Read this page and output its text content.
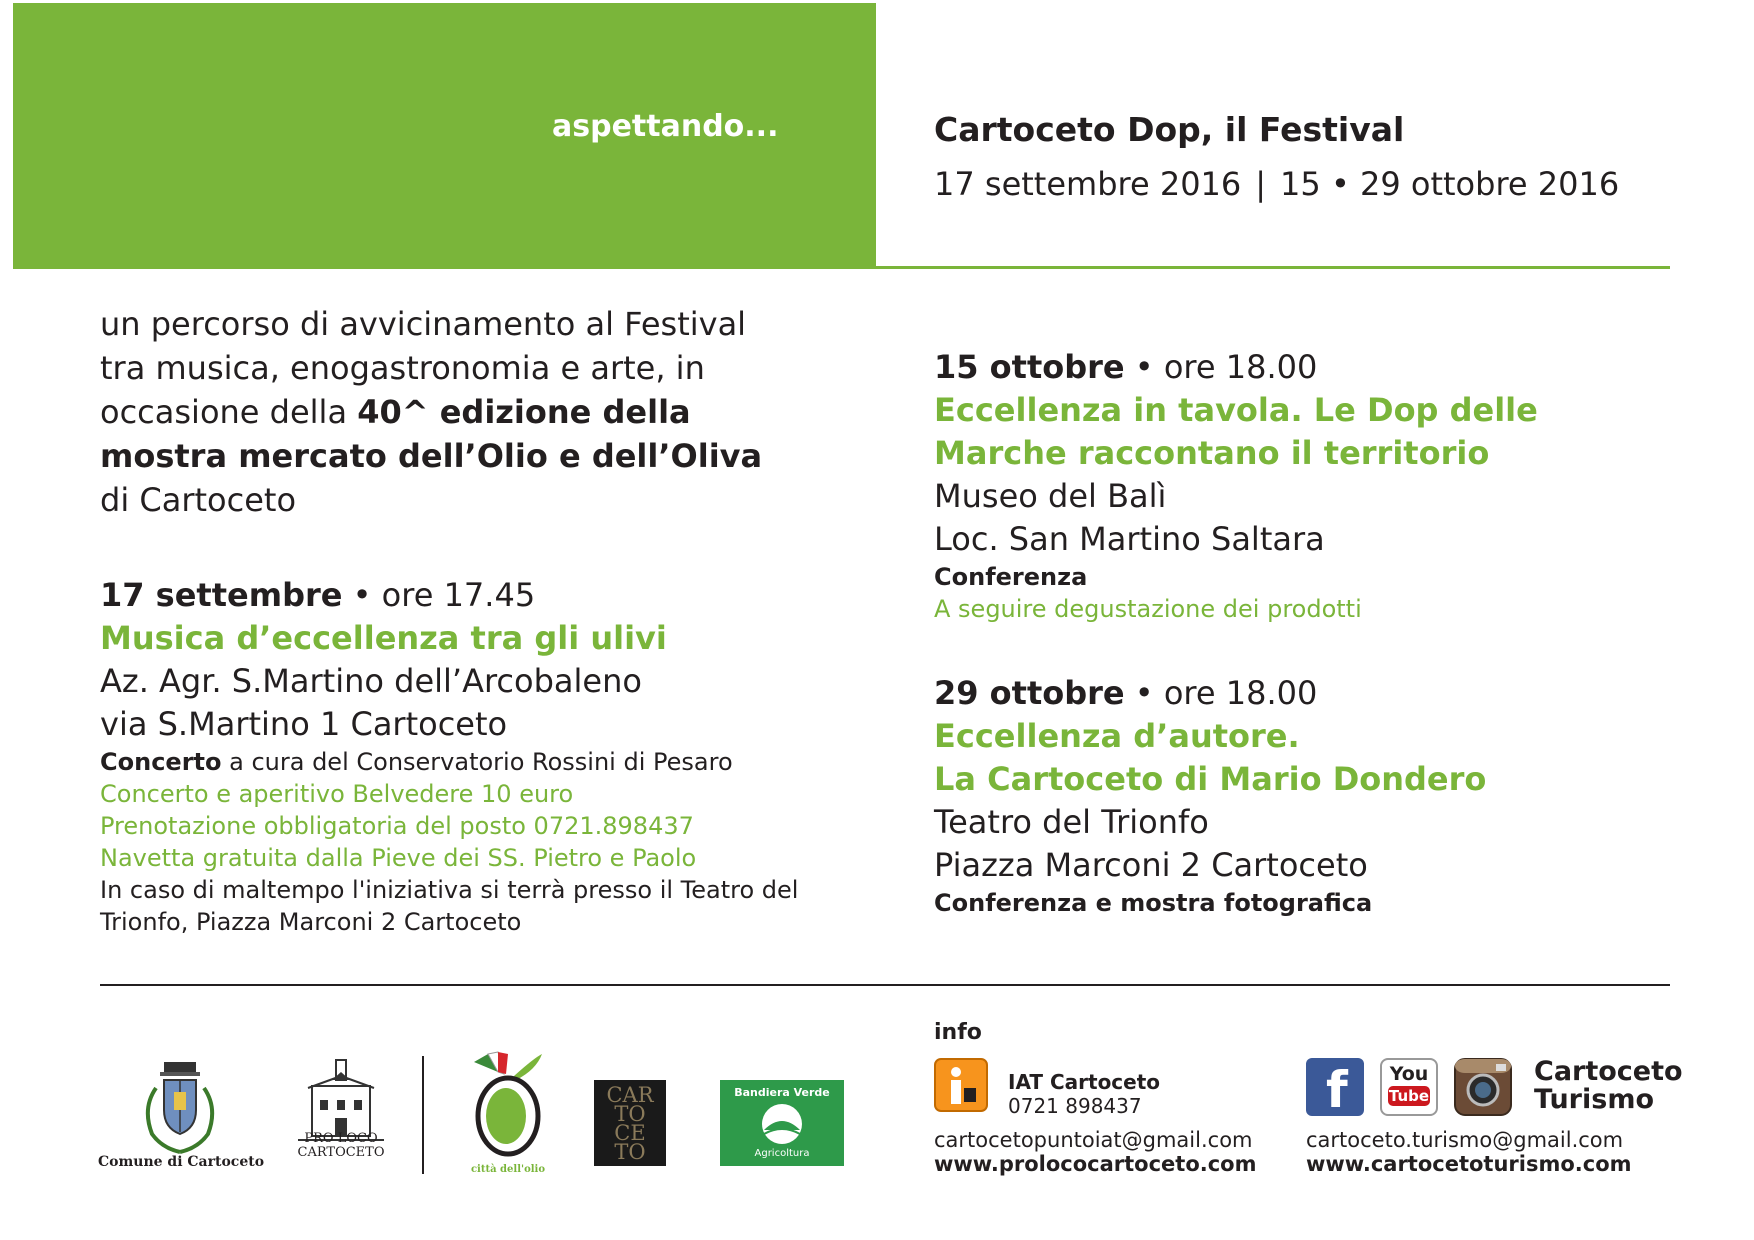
aspettando...	Cartoceto Dop, il Festival
17 settembre 2016 | 15 • 29 ottobre 2016

un percorso di avvicinamento al Festival

tra musica, enogastronomia e arte, in

occasione della 40^ edizione della

mostra mercato dell’Olio e dell’Oliva

di Cartoceto

17 settembre • ore 17.45
Musica d’eccellenza tra gli ulivi
Az. Agr. S.Martino dell’Arcobaleno
via S.Martino 1 Cartoceto
Concerto a cura del Conservatorio Rossini di Pesaro
Concerto e aperitivo Belvedere 10 euro
Prenotazione obbligatoria del posto 0721.898437
Navetta gratuita dalla Pieve dei SS. Pietro e Paolo
In caso di maltempo l'iniziativa si terrà presso il Teatro del Trionfo, Piazza Marconi 2 Cartoceto
15 ottobre • ore 18.00
Eccellenza in tavola. Le Dop delle
Marche raccontano il territorio
Museo del Balì
Loc. San Martino Saltara
Conferenza
A seguire degustazione dei prodotti
29 ottobre • ore 18.00
Eccellenza d’autore.
La Cartoceto di Mario Dondero
Teatro del Trionfo
Piazza Marconi 2 Cartoceto
Conferenza e mostra fotografica
Comune di Cartoceto
PRO LOCO
CARTOCETO
città dell'olio
CAR
TO
CE
TO
Bandiera Verde
Agricoltura
info
IAT Cartoceto
0721 898437
cartocetopuntoiat@gmail.com
www.prolococartoceto.com
f	You
Tube
Cartoceto
Turismo
cartoceto.turismo@gmail.com
www.cartocetoturismo.com
